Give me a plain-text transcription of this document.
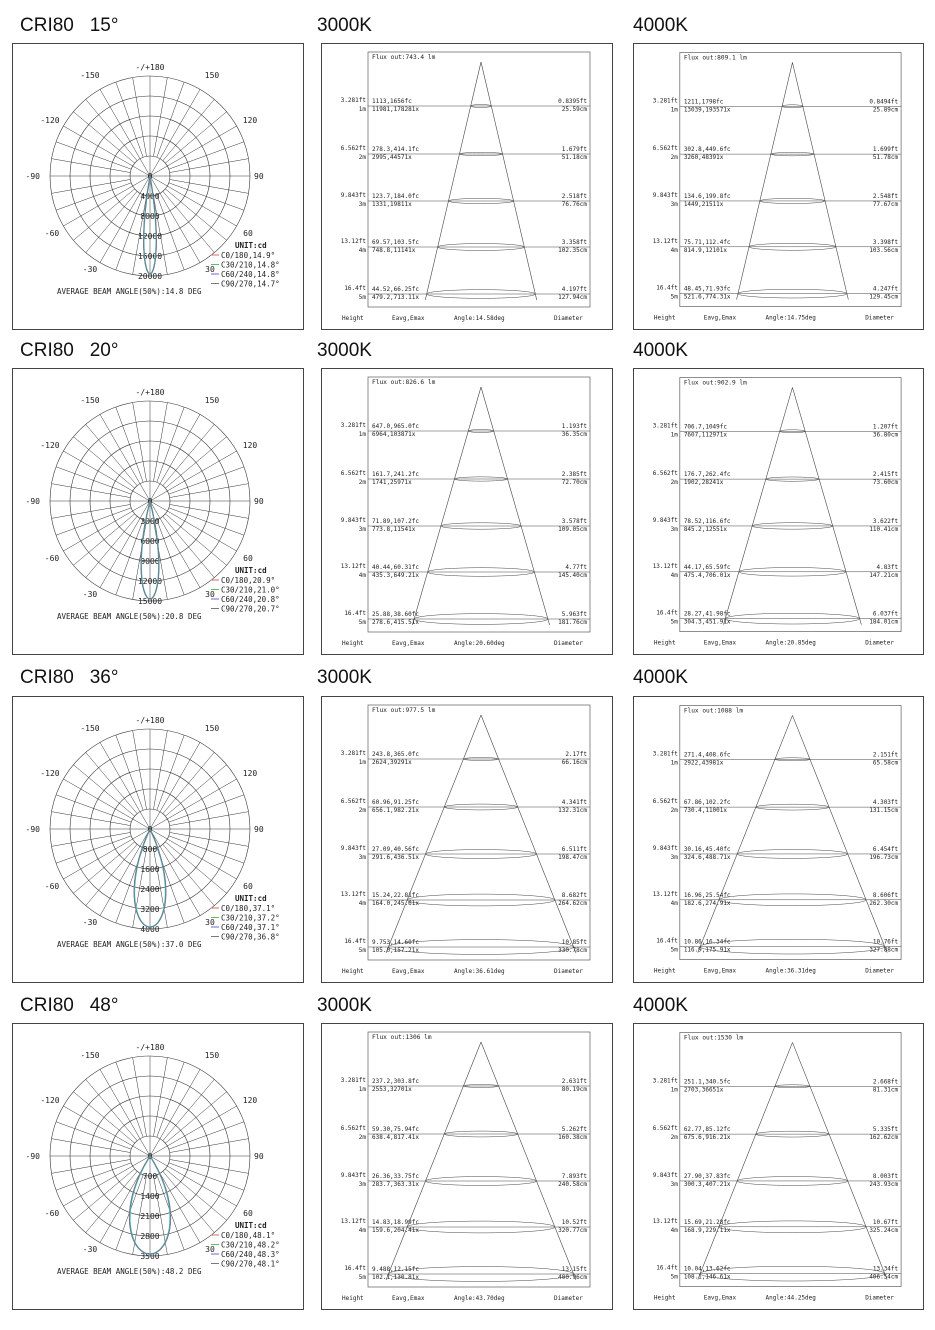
CRI80   15°	3000K	4000K
-/+180
-150	150
-120	120
-90	90
-60	60
-30	30
0
4000
8000
12000
16000
20000
UNIT:cd
C0/180,14.9°
C30/210,14.8°
C60/240,14.8°
C90/270,14.7°
AVERAGE BEAM ANGLE(50%):14.8 DEG
Flux out:743.4 lm
3.281ft
1m
1113,1656fc
11981,178281x
0.8395ft
25.59cm
6.562ft
2m
278.3,414.1fc
2995,44571x
1.679ft
51.18cm
9.843ft
3m
123.7,184.0fc
1331,19811x
2.518ft
76.76cm
13.12ft
4m
69.57,103.5fc
748.8,11141x
3.358ft
102.35cm
16.4ft
5m
44.52,66.25fc
479.2,713.11x
4.197ft
127.94cm
Height	Eavg,Emax	Angle:14.58deg	Diameter
Flux out:809.1 lm
3.281ft
1m
1211,1798fc
13039,193571x
0.8494ft
25.89cm
6.562ft
2m
302.8,449.6fc
3260,48391x
1.699ft
51.78cm
9.843ft
3m
134.6,199.8fc
1449,21511x
2.548ft
77.67cm
13.12ft
4m
75.71,112.4fc
814.9,12101x
3.398ft
103.56cm
16.4ft
5m
48.45,71.93fc
521.6,774.31x
4.247ft
129.45cm
Height	Eavg,Emax	Angle:14.75deg	Diameter
CRI80   20°	3000K	4000K
-/+180
-150	150
-120	120
-90	90
-60	60
-30	30
0
3000
6000
9000
12000
15000
UNIT:cd
C0/180,20.9°
C30/210,21.0°
C60/240,20.8°
C90/270,20.7°
AVERAGE BEAM ANGLE(50%):20.8 DEG
Flux out:826.6 lm
3.281ft
1m
647.0,965.0fc
6964,103871x
1.193ft
36.35cm
6.562ft
2m
161.7,241.2fc
1741,25971x
2.385ft
72.70cm
9.843ft
3m
71.89,107.2fc
773.8,11541x
3.578ft
109.05cm
13.12ft
4m
40.44,60.31fc
435.3,649.21x
4.77ft
145.40cm
16.4ft
5m
25.88,38.60fc
278.6,415.51x
5.963ft
181.76cm
Height	Eavg,Emax	Angle:20.60deg	Diameter
Flux out:902.9 lm
3.281ft
1m
706.7,1049fc
7607,112971x
1.207ft
36.80cm
6.562ft
2m
176.7,262.4fc
1902,28241x
2.415ft
73.60cm
9.843ft
3m
78.52,116.6fc
845.2,12551x
3.622ft
110.41cm
13.12ft
4m
44.17,65.59fc
475.4,706.01x
4.83ft
147.21cm
16.4ft
5m
28.27,41.98fc
304.3,451.91x
6.037ft
184.01cm
Height	Eavg,Emax	Angle:20.85deg	Diameter
CRI80   36°	3000K	4000K
-/+180
-150	150
-120	120
-90	90
-60	60
-30	30
0
800
1600
2400
3200
4000
UNIT:cd
C0/180,37.1°
C30/210,37.2°
C60/240,37.1°
C90/270,36.8°
AVERAGE BEAM ANGLE(50%):37.0 DEG
Flux out:977.5 lm
3.281ft
1m
243.8,365.0fc
2624,39291x
2.17ft
66.16cm
6.562ft
2m
60.96,91.25fc
656.1,982.21x
4.341ft
132.31cm
9.843ft
3m
27.09,40.56fc
291.6,436.51x
6.511ft
198.47cm
13.12ft
4m
15.24,22.81fc
164.0,245.61x
8.682ft
264.62cm
16.4ft
5m
9.753,14.60fc
105.0,157.21x
10.85ft
330.78cm
Height	Eavg,Emax	Angle:36.61deg	Diameter
Flux out:1088 lm
3.281ft
1m
271.4,408.6fc
2922,43981x
2.151ft
65.58cm
6.562ft
2m
67.86,102.2fc
730.4,11001x
4.303ft
131.15cm
9.843ft
3m
30.16,45.40fc
324.6,488.71x
6.454ft
196.73cm
13.12ft
4m
16.96,25.54fc
182.6,274.91x
8.606ft
262.30cm
16.4ft
5m
10.86,16.34fc
116.9,175.91x
10.76ft
327.88cm
Height	Eavg,Emax	Angle:36.31deg	Diameter
CRI80   48°	3000K	4000K
-/+180
-150	150
-120	120
-90	90
-60	60
-30	30
0
700
1400
2100
2800
3500
UNIT:cd
C0/180,48.1°
C30/210,48.2°
C60/240,48.3°
C90/270,48.1°
AVERAGE BEAM ANGLE(50%):48.2 DEG
Flux out:1306 lm
3.281ft
1m
237.2,303.8fc
2553,32701x
2.631ft
80.19cm
6.562ft
2m
59.30,75.94fc
638.4,817.41x
5.262ft
160.38cm
9.843ft
3m
26.36,33.75fc
283.7,363.31x
7.893ft
240.58cm
13.12ft
4m
14.83,18.99fc
159.6,204.41x
10.52ft
320.77cm
16.4ft
5m
9.488,12.15fc
102.1,130.81x
13.15ft
400.96cm
Height	Eavg,Emax	Angle:43.70deg	Diameter
Flux out:1530 lm
3.281ft
1m
251.1,340.5fc
2703,36651x
2.668ft
81.31cm
6.562ft
2m
62.77,85.12fc
675.6,916.21x
5.335ft
162.62cm
9.843ft
3m
27.90,37.83fc
300.3,407.21x
8.003ft
243.93cm
13.12ft
4m
15.69,21.28fc
168.9,229.11x
10.67ft
325.24cm
16.4ft
5m
10.04,13.62fc
108.1,146.61x
13.34ft
406.54cm
Height	Eavg,Emax	Angle:44.25deg	Diameter
